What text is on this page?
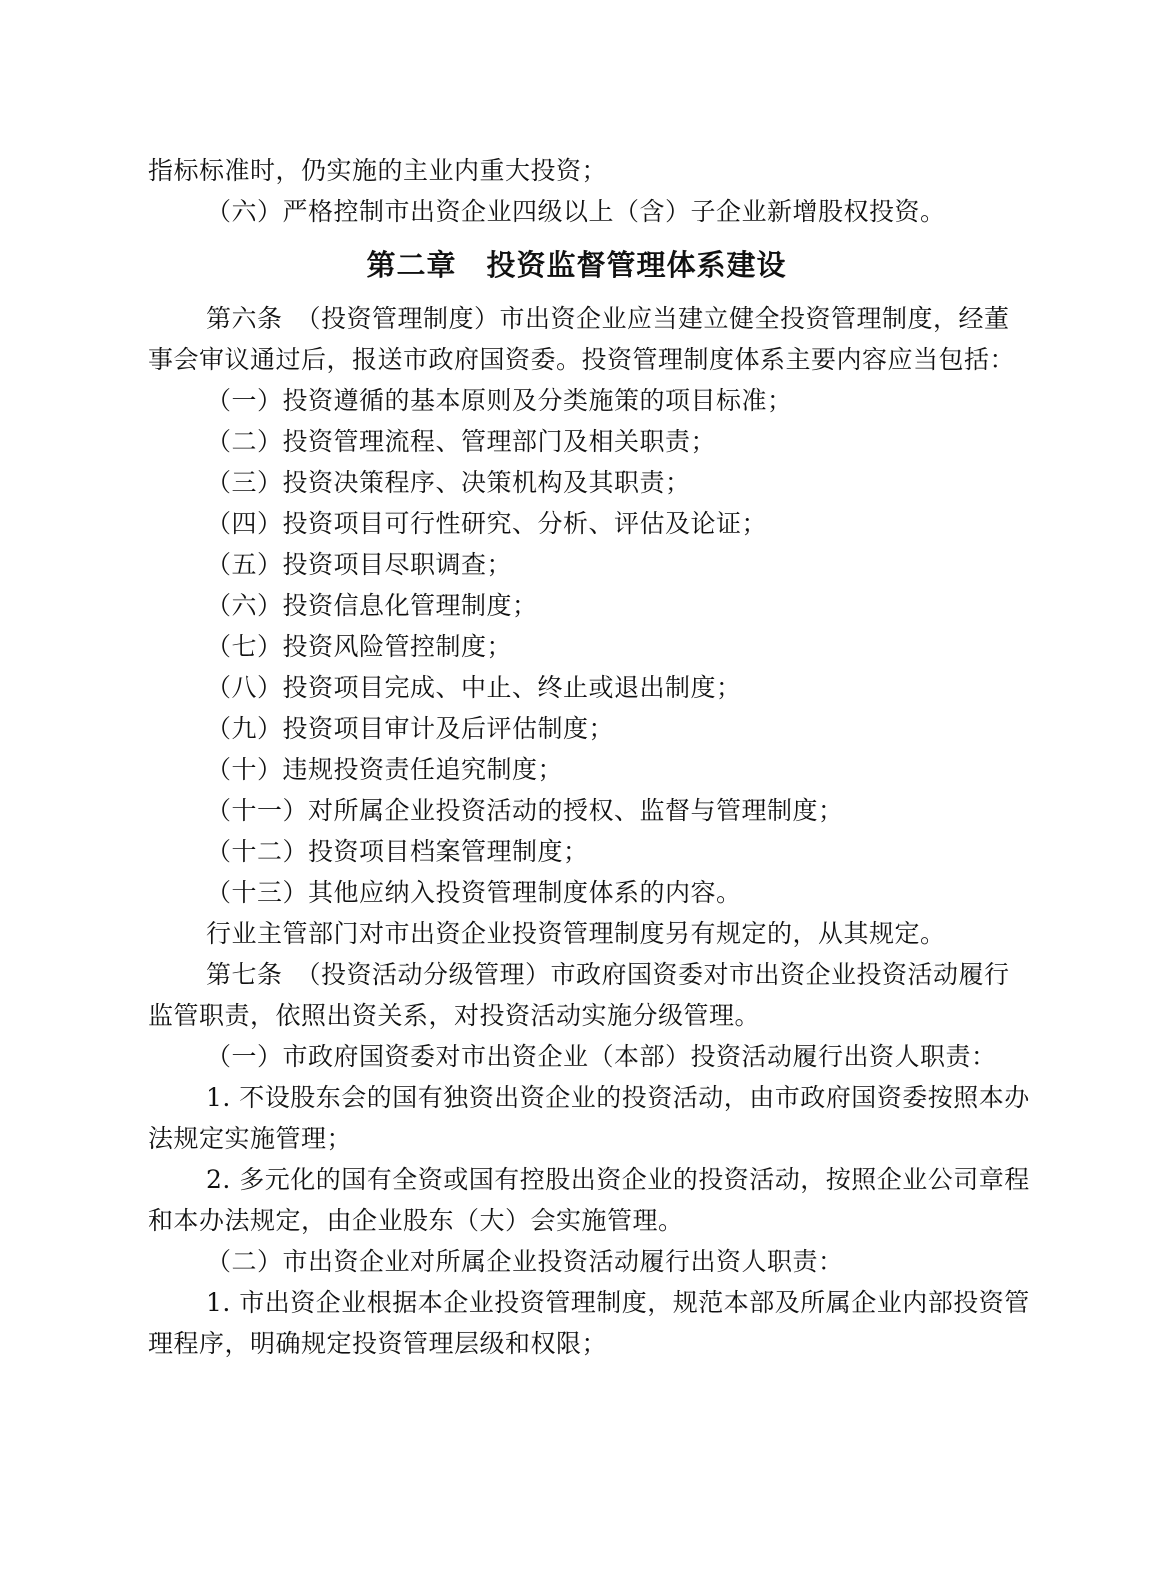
指标标准时，仍实施的主业内重大投资；

（六）严格控制市出资企业四级以上（含）子企业新增股权投资。

第二章 投资监督管理体系建设

第六条　（投资管理制度）市出资企业应当建立健全投资管理制度，经董

事会审议通过后，报送市政府国资委。投资管理制度体系主要内容应当包括：

（一）投资遵循的基本原则及分类施策的项目标准；

（二）投资管理流程、管理部门及相关职责；

（三）投资决策程序、决策机构及其职责；

（四）投资项目可行性研究、分析、评估及论证；

（五）投资项目尽职调查；

（六）投资信息化管理制度；

（七）投资风险管控制度；

（八）投资项目完成、中止、终止或退出制度；

（九）投资项目审计及后评估制度；

（十）违规投资责任追究制度；

（十一）对所属企业投资活动的授权、监督与管理制度；

（十二）投资项目档案管理制度；

（十三）其他应纳入投资管理制度体系的内容。

行业主管部门对市出资企业投资管理制度另有规定的，从其规定。

第七条　（投资活动分级管理）市政府国资委对市出资企业投资活动履行

监管职责，依照出资关系，对投资活动实施分级管理。

（一）市政府国资委对市出资企业（本部）投资活动履行出资人职责：

1. 不设股东会的国有独资出资企业的投资活动，由市政府国资委按照本办

法规定实施管理；

2. 多元化的国有全资或国有控股出资企业的投资活动，按照企业公司章程

和本办法规定，由企业股东（大）会实施管理。

（二）市出资企业对所属企业投资活动履行出资人职责：

1. 市出资企业根据本企业投资管理制度，规范本部及所属企业内部投资管

理程序，明确规定投资管理层级和权限；
